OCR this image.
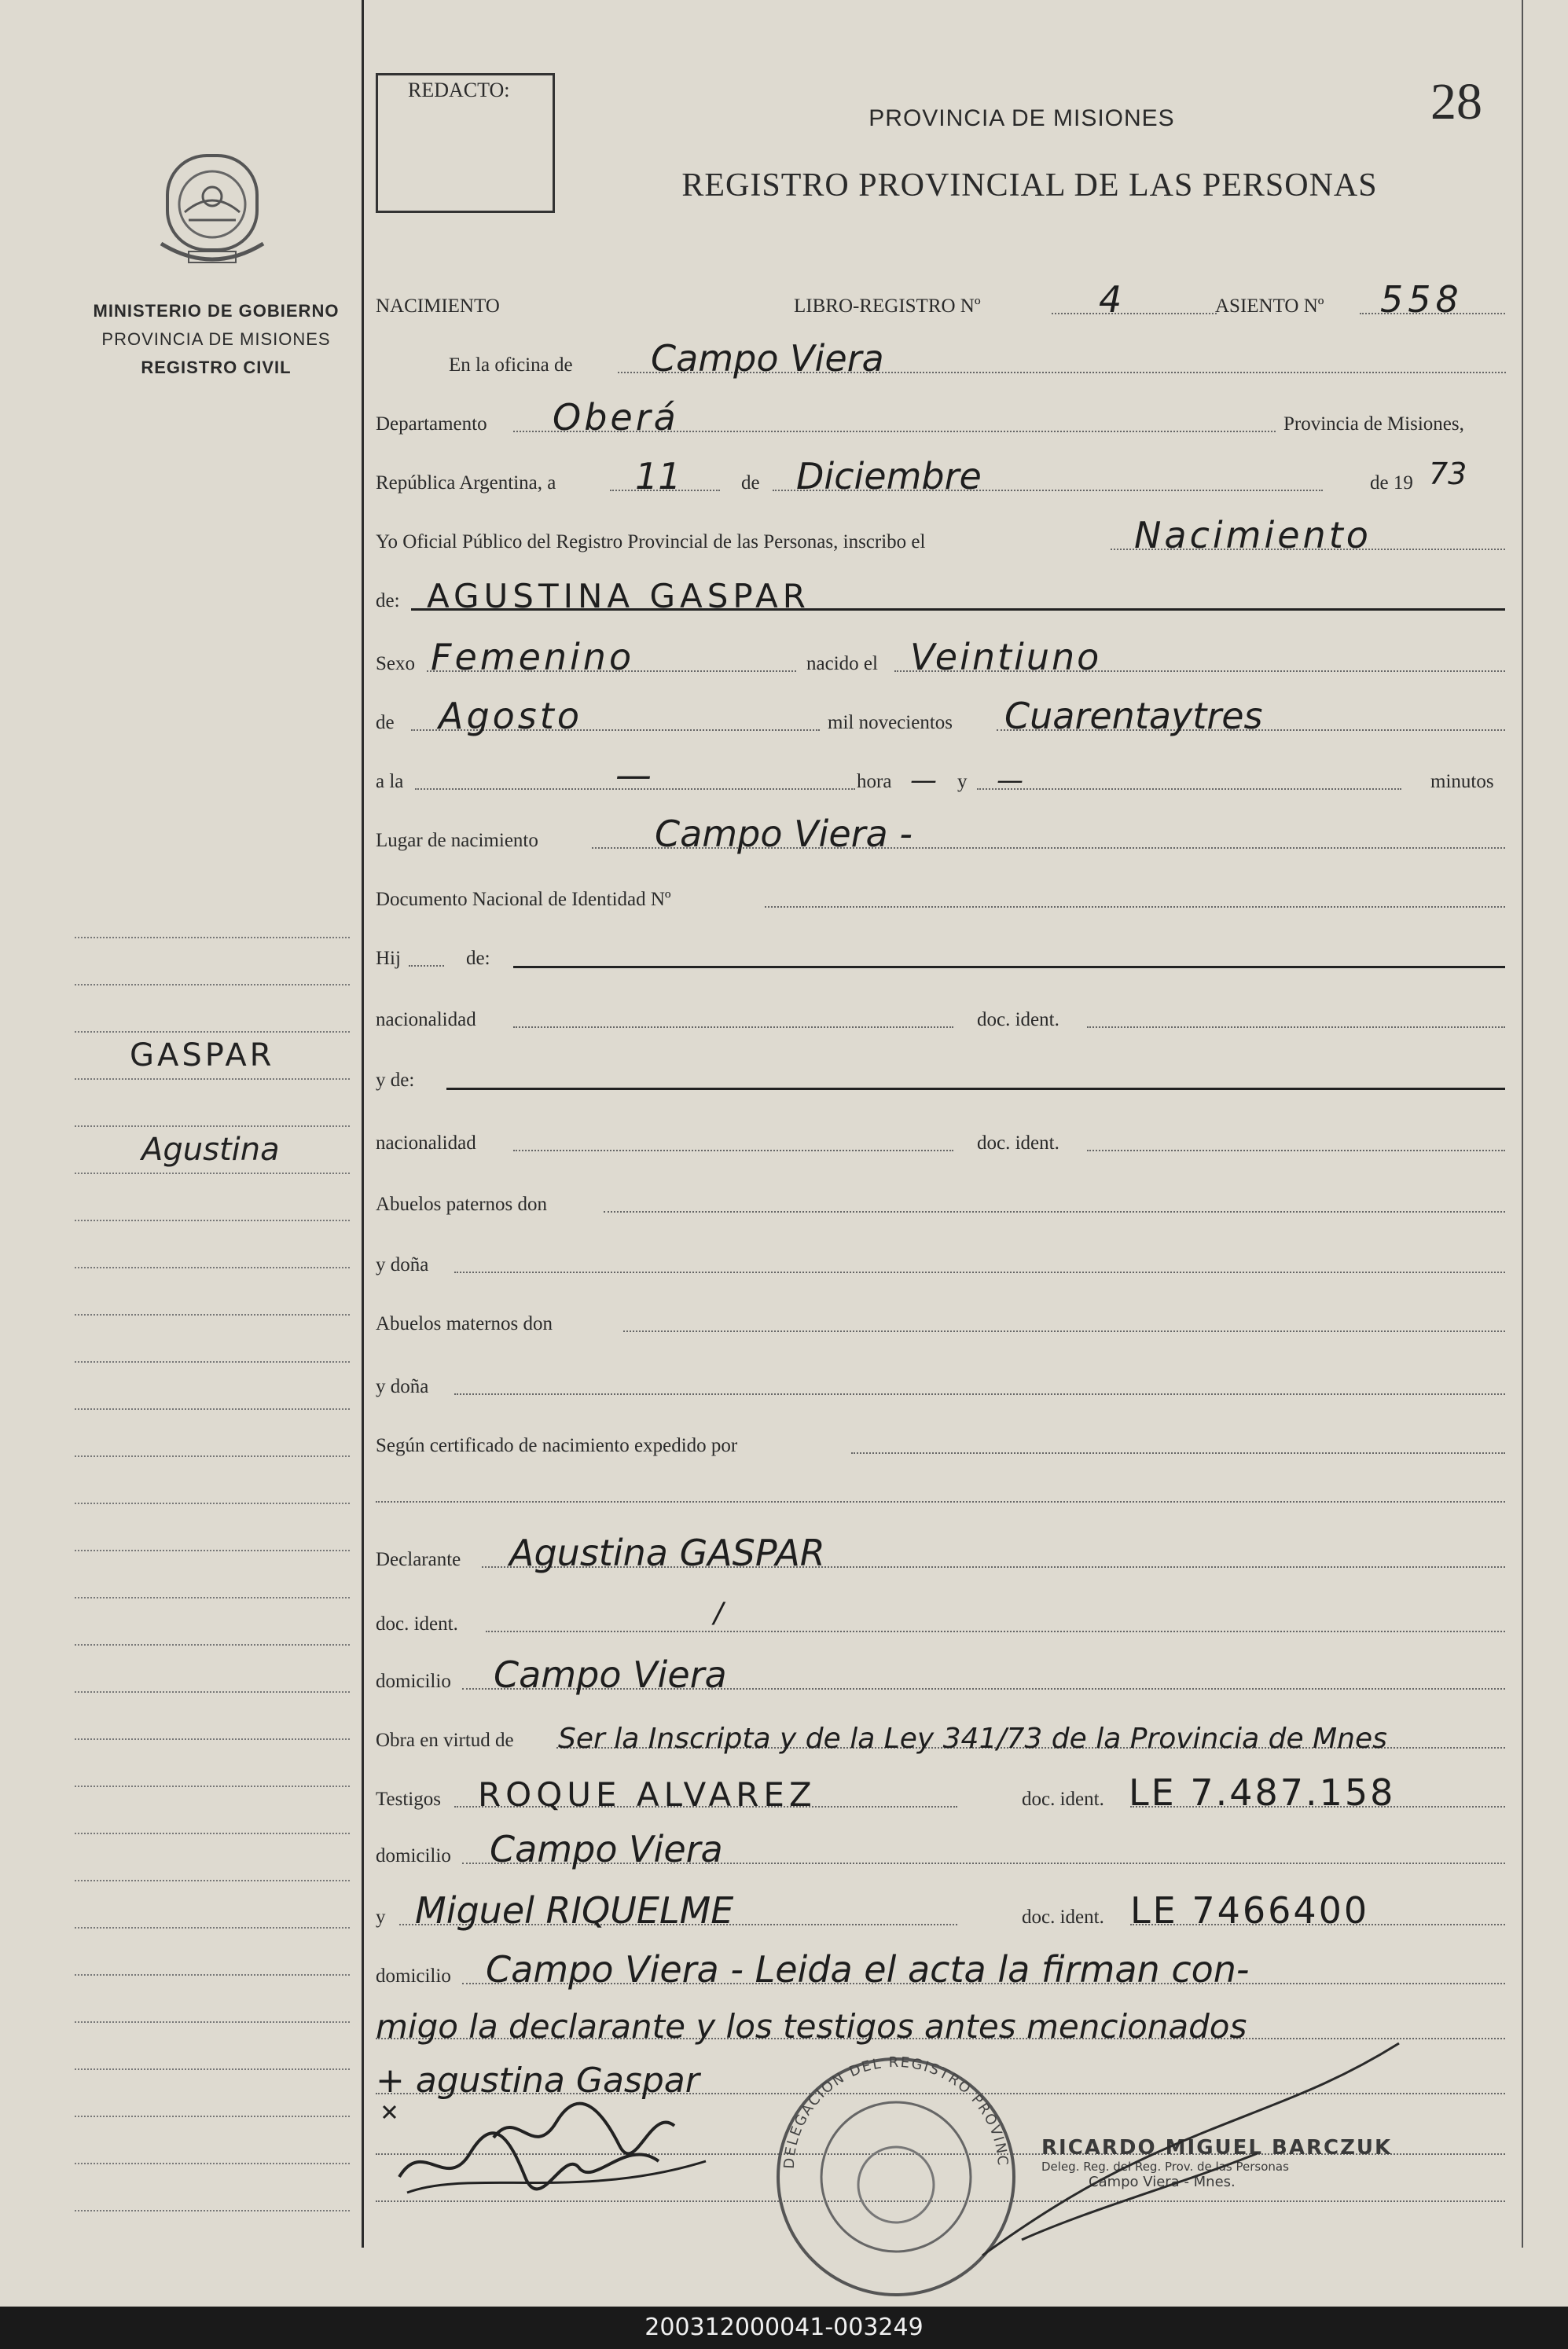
MINISTERIO DE GOBIERNO
PROVINCIA DE MISIONES
REGISTRO CIVIL
GASPAR
Agustina
REDACTO:
PROVINCIA DE MISIONES	28
REGISTRO PROVINCIAL DE LAS PERSONAS
NACIMIENTO	LIBRO-REGISTRO Nº	4	ASIENTO Nº 558
En la oficina de Campo Viera
Departamento Oberá	Provincia de Misiones,
República Argentina, a 11	de Diciembre	de 19 73
Yo Oficial Público del Registro Provincial de las Personas, inscribo el	Nacimiento
de: AGUSTINA GASPAR
Sexo Femenino	nacido el Veintiuno
de Agosto	mil novecientos Cuarentaytres
a la	—	hora — y —	minutos
Lugar de nacimiento	Campo Viera -
Documento Nacional de Identidad Nº
Hij	de:
nacionalidad	doc. ident.
y de:
nacionalidad	doc. ident.
Abuelos paternos don
y doña
Abuelos maternos don
y doña
Según certificado de nacimiento expedido por
Declarante Agustina GASPAR
doc. ident.	/
domicilio Campo Viera
Obra en virtud de Ser la Inscripta y de la Ley 341/73 de la Provincia de Mnes
Testigos ROQUE ALVAREZ	doc. ident. LE 7.487.158
domicilio Campo Viera
y Miguel RIQUELME	doc. ident. LE 7466400
domicilio Campo Viera - Leida el acta la firman con-
migo la declarante y los testigos antes mencionados
+ agustina Gaspar
DELEGACION DEL REGISTRO PROVINC
RICARDO MIGUEL BARCZUK
Deleg. Reg. del Reg. Prov. de las Personas
Campo Viera - Mnes.
200312000041-003249
